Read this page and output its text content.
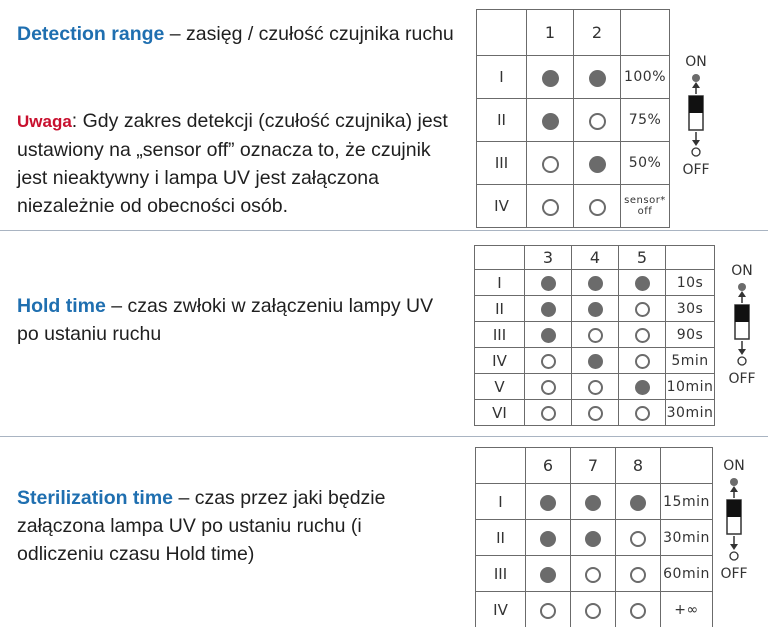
Detection range – zasięg / czułość czujnika ruchu

Uwaga: Gdy zakres detekcji (czułość czujnika) jest ustawiony na „sensor off” oznacza to, że czujnik jest nieaktywny i lampa UV jest załączona niezależnie od obecności osób.

	1	2	
I			100%
II			75%
III			50%
IV			sensor* off
ON
OFF

Hold time – czas zwłoki w załączeniu lampy UV po ustaniu ruchu

	3	4	5	
I				10s
II				30s
III				90s
IV				5min
V				10min
VI				30min
ON
OFF

Sterilization time – czas przez jaki będzie załączona lampa UV po ustaniu ruchu (i odliczeniu czasu Hold time)

	6	7	8	
I				15min
II				30min
III				60min
IV				+∞
ON
OFF
